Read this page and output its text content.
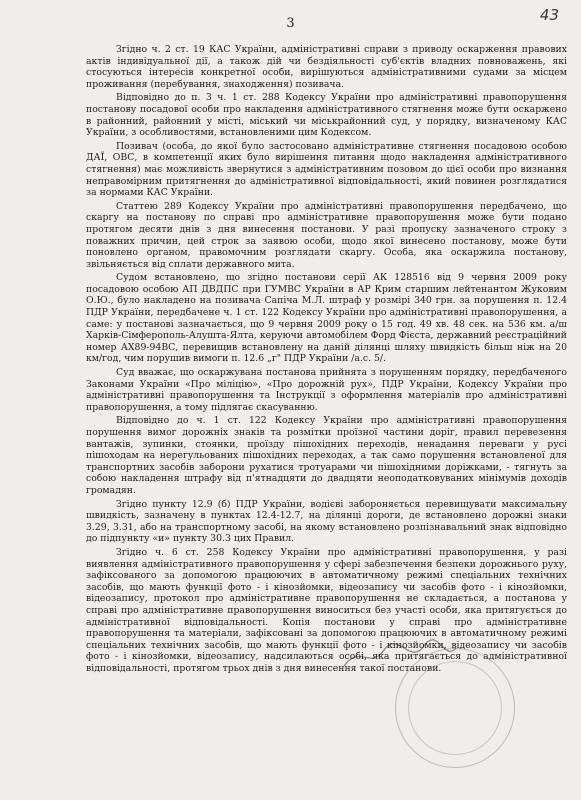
3	43

Згідно ч. 2 ст. 19 КАС України, адміністративні справи з приводу оскарження правових актів індивідуальної дії, а також дій чи бездіяльності суб'єктів владних повноважень, які стосуються інтересів конкретної особи, вирішуються адміністративними судами за місцем проживання (перебування, знаходження) позивача.

Відповідно до п. 3 ч. 1 ст. 288 Кодексу України про адміністративні правопорушення постанову посадової особи про накладення адміністративного стягнення може бути оскаржено в районний, районний у місті, міський чи міськрайонний суд, у порядку, визначеному КАС України, з особливостями, встановленими цим Кодексом.

Позивач (особа, до якої було застосовано адміністративне стягнення посадовою особою ДАЇ, ОВС, в компетенції яких було вирішення питання щодо накладення адміністративного стягнення) має можливість звернутися з адміністративним позовом до цієї особи про визнання неправомірним притягнення до адміністративної відповідальності, який повинен розглядатися за нормами КАС України.

Статтею 289 Кодексу України про адміністративні правопорушення передбачено, що скаргу на постанову по справі про адміністративне правопорушення може бути подано протягом десяти днів з дня винесення постанови. У разі пропуску зазначеного строку з поважних причин, цей строк за заявою особи, щодо якої винесено постанову, може бути поновлено органом, правомочним розглядати скаргу. Особа, яка оскаржила постанову, звільняється від сплати державного мита.

Судом встановлено, що згідно постанови серії АК 128516 від 9 червня 2009 року посадовою особою АП ДВДПС при ГУМВС України в АР Крим старшим лейтенантом Жуковим О.Ю., було накладено на позивача Сапіча М.Л. штраф у розмірі 340 грн. за порушення п. 12.4 ПДР України, передбачене ч. 1 ст. 122 Кодексу України про адміністративні правопорушення, а саме: у постанові зазначається, що 9 червня 2009 року о 15 год. 49 хв. 48 сек. на 536 км. а/ш Харків-Сімферополь-Алушта-Ялта, керуючи автомобілем Форд Фієста, державний реєстраційний номер АХ89-94ВС, перевищив встановлену на даній ділянці шляху швидкість більш ніж на 20 км/год, чим порушив вимоги п. 12.6 „г" ПДР України /а.с. 5/.

Суд вважає, що оскаржувана постанова прийнята з порушенням порядку, передбаченого Законами України «Про міліцію», «Про дорожній рух», ПДР України, Кодексу України про адміністративні правопорушення та Інструкції з оформлення матеріалів про адміністративні правопорушення, а тому підлягає скасуванню.

Відповідно до ч. 1 ст. 122 Кодексу України про адміністративні правопорушення порушення вимог дорожніх знаків та розмітки проїзної частини доріг, правил перевезення вантажів, зупинки, стоянки, проїзду пішохідних переходів, ненадання переваги у русі пішоходам на нерегульованих пішохідних переходах, а так само порушення встановленої для транспортних засобів заборони рухатися тротуарами чи пішохідними доріжками, - тягнуть за собою накладення штрафу від п'ятнадцяти до двадцяти неоподатковуваних мінімумів доходів громадян.

Згідно пункту 12.9 (б) ПДР України, водієві забороняється перевищувати максимальну швидкість, зазначену в пунктах 12.4-12.7, на ділянці дороги, де встановлено дорожні знаки 3.29, 3.31, або на транспортному засобі, на якому встановлено розпізнавальний знак відповідно до підпункту «и» пункту 30.3 цих Правил.

Згідно ч. 6 ст. 258 Кодексу України про адміністративні правопорушення, у разі виявлення адміністративного правопорушення у сфері забезпечення безпеки дорожнього руху, зафіксованого за допомогою працюючих в автоматичному режимі спеціальних технічних засобів, що мають функції фото - і кінозйомки, відеозапису чи засобів фото - і кінозйомки, відеозапису, протокол про адміністративне правопорушення не складається, а постанова у справі про адміністративне правопорушення виноситься без участі особи, яка притягується до адміністративної відповідальності. Копія постанови у справі про адміністративне правопорушення та матеріали, зафіксовані за допомогою працюючих в автоматичному режимі спеціальних технічних засобів, що мають функції фото - і кінозйомки, відеозапису чи засобів фото - і кінозйомки, відеозапису, надсилаються особі, яка притягається до адміністративної відповідальності, протягом трьох днів з дня винесення такої постанови.
